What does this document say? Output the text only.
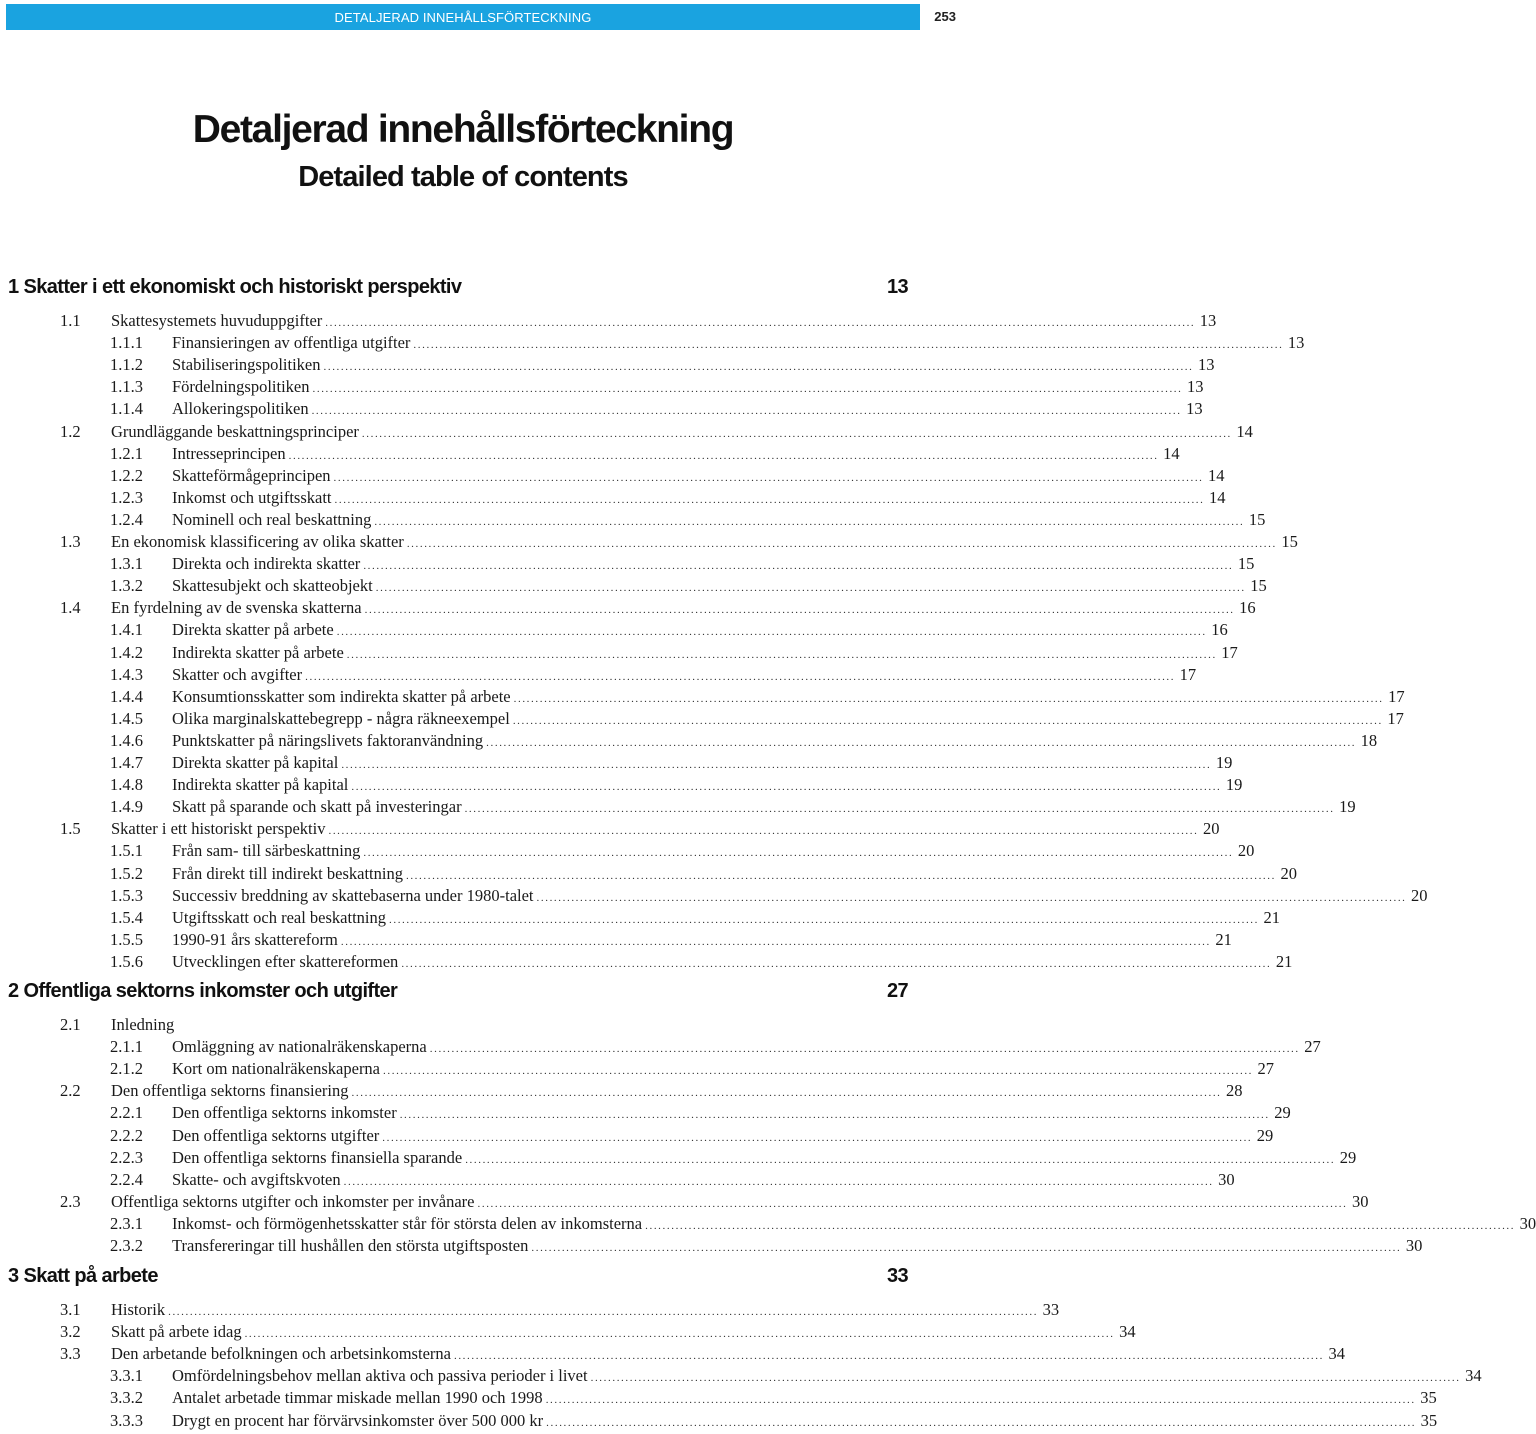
DETALJERAD INNEHÅLLSFÖRTECKNING	253
Detaljerad innehållsförteckning
Detailed table of contents
1 Skatter i ett ekonomiskt och historiskt perspektiv	13
1.1	Skattesystemets huvuduppgifter ........................................................................................................................................................................................................ 13
1.1.1	Finansieringen av offentliga utgifter ........................................................................................................................................................................................................ 13
1.1.2	Stabiliseringspolitiken ........................................................................................................................................................................................................ 13
1.1.3	Fördelningspolitiken ........................................................................................................................................................................................................ 13
1.1.4	Allokeringspolitiken ........................................................................................................................................................................................................ 13
1.2	Grundläggande beskattningsprinciper ........................................................................................................................................................................................................ 14
1.2.1	Intresseprincipen ........................................................................................................................................................................................................ 14
1.2.2	Skatteförmågeprincipen ........................................................................................................................................................................................................ 14
1.2.3	Inkomst och utgiftsskatt ........................................................................................................................................................................................................ 14
1.2.4	Nominell och real beskattning ........................................................................................................................................................................................................ 15
1.3	En ekonomisk klassificering av olika skatter ........................................................................................................................................................................................................ 15
1.3.1	Direkta och indirekta skatter ........................................................................................................................................................................................................ 15
1.3.2	Skattesubjekt och skatteobjekt ........................................................................................................................................................................................................ 15
1.4	En fyrdelning av de svenska skatterna ........................................................................................................................................................................................................ 16
1.4.1	Direkta skatter på arbete ........................................................................................................................................................................................................ 16
1.4.2	Indirekta skatter på arbete ........................................................................................................................................................................................................ 17
1.4.3	Skatter och avgifter ........................................................................................................................................................................................................ 17
1.4.4	Konsumtionsskatter som indirekta skatter på arbete ........................................................................................................................................................................................................ 17
1.4.5	Olika marginalskattebegrepp - några räkneexempel ........................................................................................................................................................................................................ 17
1.4.6	Punktskatter på näringslivets faktoranvändning ........................................................................................................................................................................................................ 18
1.4.7	Direkta skatter på kapital ........................................................................................................................................................................................................ 19
1.4.8	Indirekta skatter på kapital ........................................................................................................................................................................................................ 19
1.4.9	Skatt på sparande och skatt på investeringar ........................................................................................................................................................................................................ 19
1.5	Skatter i ett historiskt perspektiv ........................................................................................................................................................................................................ 20
1.5.1	Från sam- till särbeskattning ........................................................................................................................................................................................................ 20
1.5.2	Från direkt till indirekt beskattning ........................................................................................................................................................................................................ 20
1.5.3	Successiv breddning av skattebaserna under 1980-talet ........................................................................................................................................................................................................ 20
1.5.4	Utgiftsskatt och real beskattning ........................................................................................................................................................................................................ 21
1.5.5	1990-91 års skattereform ........................................................................................................................................................................................................ 21
1.5.6	Utvecklingen efter skattereformen ........................................................................................................................................................................................................ 21
2 Offentliga sektorns inkomster och utgifter	27
2.1	Inledning
2.1.1	Omläggning av nationalräkenskaperna ........................................................................................................................................................................................................ 27
2.1.2	Kort om nationalräkenskaperna ........................................................................................................................................................................................................ 27
2.2	Den offentliga sektorns finansiering ........................................................................................................................................................................................................ 28
2.2.1	Den offentliga sektorns inkomster ........................................................................................................................................................................................................ 29
2.2.2	Den offentliga sektorns utgifter ........................................................................................................................................................................................................ 29
2.2.3	Den offentliga sektorns finansiella sparande ........................................................................................................................................................................................................ 29
2.2.4	Skatte- och avgiftskvoten ........................................................................................................................................................................................................ 30
2.3	Offentliga sektorns utgifter och inkomster per invånare ........................................................................................................................................................................................................ 30
2.3.1	Inkomst- och förmögenhetsskatter står för största delen av inkomsterna ........................................................................................................................................................................................................ 30
2.3.2	Transfereringar till hushållen den största utgiftsposten ........................................................................................................................................................................................................ 30
3 Skatt på arbete	33
3.1	Historik ........................................................................................................................................................................................................ 33
3.2	Skatt på arbete idag ........................................................................................................................................................................................................ 34
3.3	Den arbetande befolkningen och arbetsinkomsterna ........................................................................................................................................................................................................ 34
3.3.1	Omfördelningsbehov mellan aktiva och passiva perioder i livet ........................................................................................................................................................................................................ 34
3.3.2	Antalet arbetade timmar miskade mellan 1990 och 1998 ........................................................................................................................................................................................................ 35
3.3.3	Drygt en procent har förvärvsinkomster över 500 000 kr ........................................................................................................................................................................................................ 35
